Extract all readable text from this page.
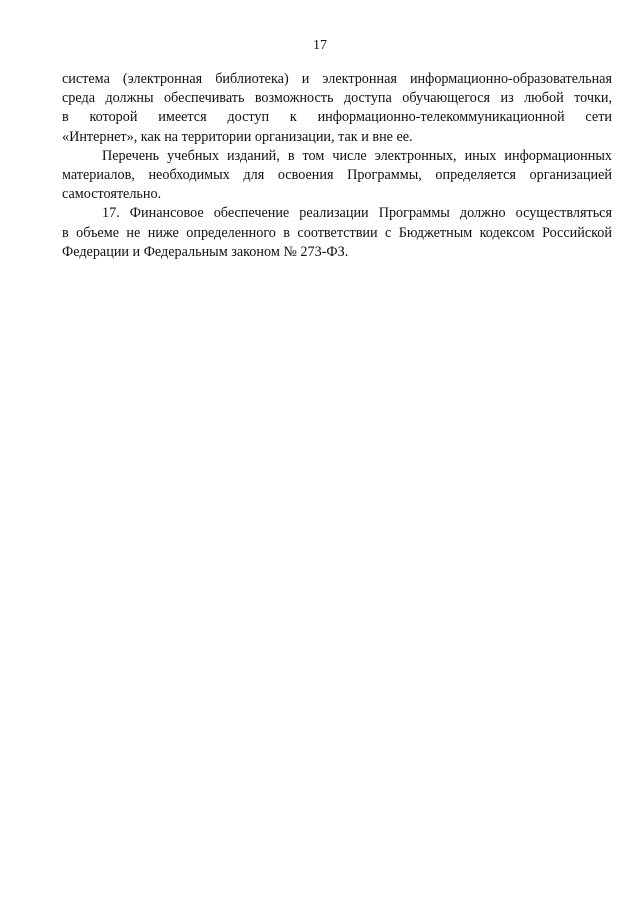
17

система (электронная библиотека) и электронная информационно-образовательная
среда должны обеспечивать возможность доступа обучающегося из любой точки,
в которой имеется доступ к информационно-телекоммуникационной сети
«Интернет», как на территории организации, так и вне ее.

Перечень учебных изданий, в том числе электронных, иных информационных
материалов, необходимых для освоения Программы, определяется организацией
самостоятельно.

17. Финансовое обеспечение реализации Программы должно осуществляться
в объеме не ниже определенного в соответствии с Бюджетным кодексом Российской
Федерации и Федеральным законом № 273-ФЗ.
